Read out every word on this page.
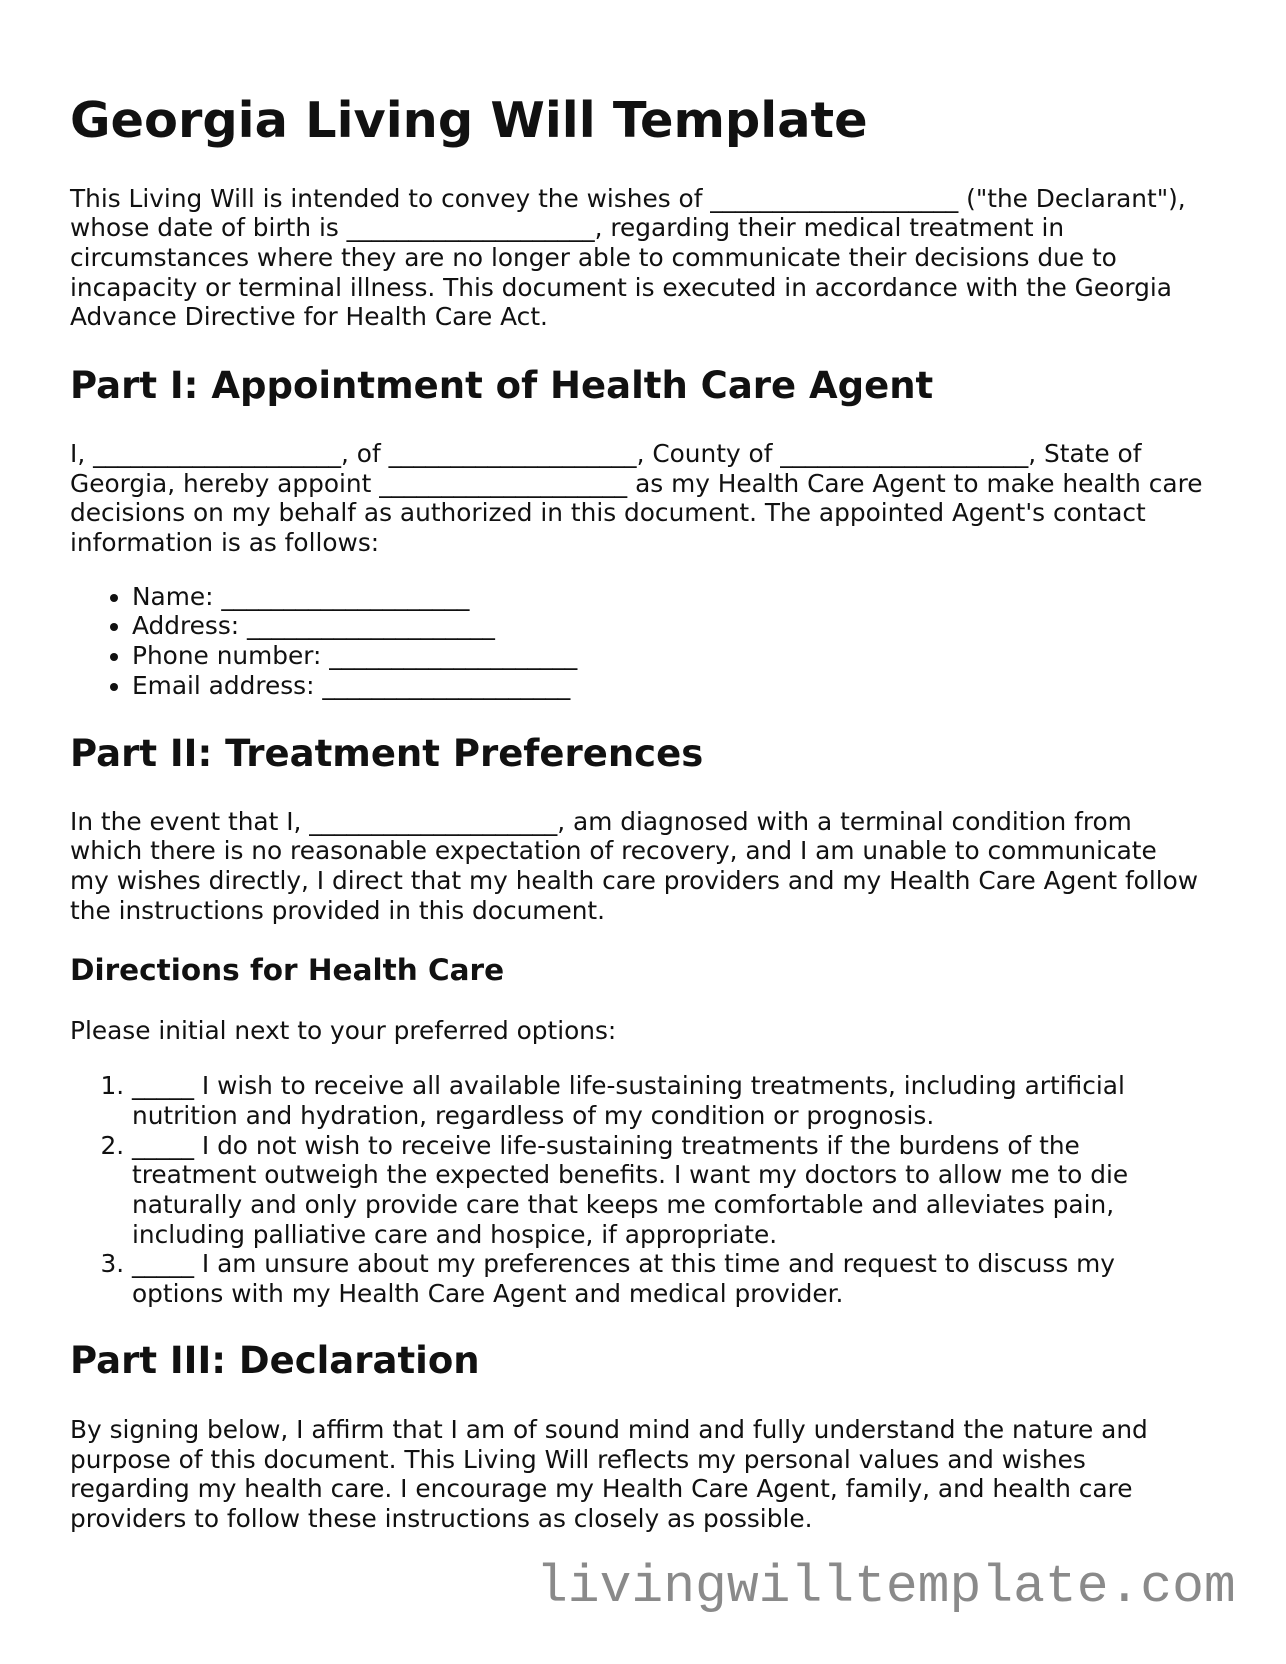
Georgia Living Will Template

This Living Will is intended to convey the wishes of ____________________ ("the Declarant"), whose date of birth is ____________________, regarding their medical treatment in circumstances where they are no longer able to communicate their decisions due to incapacity or terminal illness. This document is executed in accordance with the Georgia Advance Directive for Health Care Act.

Part I: Appointment of Health Care Agent

I, ____________________, of ____________________, County of ____________________, State of Georgia, hereby appoint ____________________ as my Health Care Agent to make health care decisions on my behalf as authorized in this document. The appointed Agent's contact information is as follows:

• Name: ____________________
• Address: ____________________
• Phone number: ____________________
• Email address: ____________________
Part II: Treatment Preferences

In the event that I, ____________________, am diagnosed with a terminal condition from which there is no reasonable expectation of recovery, and I am unable to communicate my wishes directly, I direct that my health care providers and my Health Care Agent follow the instructions provided in this document.

Directions for Health Care

Please initial next to your preferred options:

1. _____ I wish to receive all available life-sustaining treatments, including artificial nutrition and hydration, regardless of my condition or prognosis.
2. _____ I do not wish to receive life-sustaining treatments if the burdens of the treatment outweigh the expected benefits. I want my doctors to allow me to die naturally and only provide care that keeps me comfortable and alleviates pain, including palliative care and hospice, if appropriate.
3. _____ I am unsure about my preferences at this time and request to discuss my options with my Health Care Agent and medical provider.
Part III: Declaration

By signing below, I affirm that I am of sound mind and fully understand the nature and purpose of this document. This Living Will reflects my personal values and wishes regarding my health care. I encourage my Health Care Agent, family, and health care providers to follow these instructions as closely as possible.

livingwilltemplate.com
